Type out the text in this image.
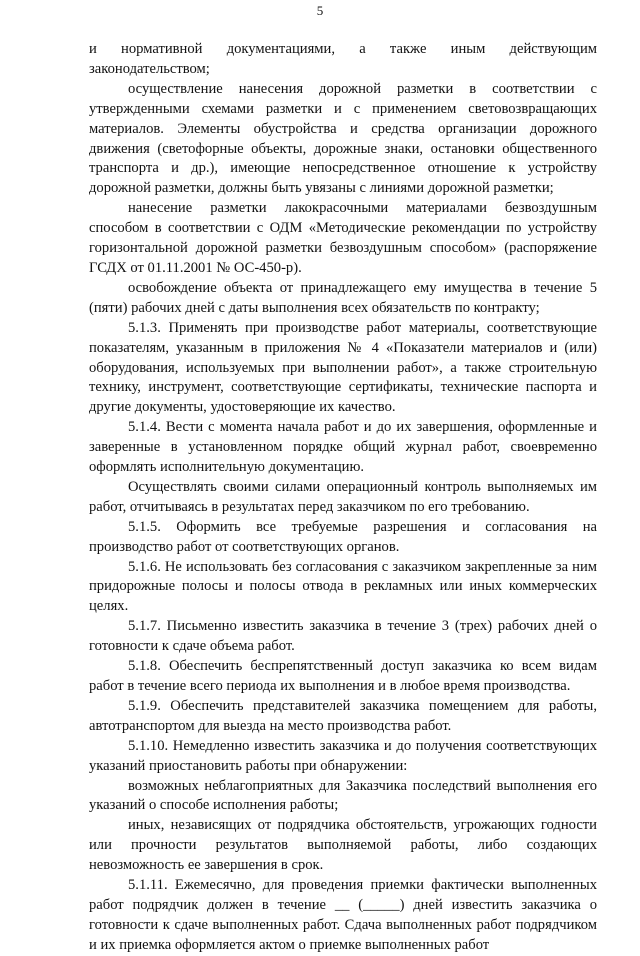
5

и нормативной документациями, а также иным действующим законодательством;

осуществление нанесения дорожной разметки в соответствии с утвержденными схемами разметки и с применением световозвращающих материалов. Элементы обустройства и средства организации дорожного движения (светофорные объекты, дорожные знаки, остановки общественного транспорта и др.), имеющие непосредственное отношение к устройству дорожной разметки, должны быть увязаны с линиями дорожной разметки;

нанесение разметки лакокрасочными материалами безвоздушным способом в соответствии с ОДМ «Методические рекомендации по устройству горизонтальной дорожной разметки безвоздушным способом» (распоряжение ГСДХ от 01.11.2001 № ОС-450-р).

освобождение объекта от принадлежащего ему имущества в течение 5 (пяти) рабочих дней с даты выполнения всех обязательств по контракту;

5.1.3. Применять при производстве работ материалы, соответствующие показателям, указанным в приложения № 4 «Показатели материалов и (или) оборудования, используемых при выполнении работ», а также строительную технику, инструмент, соответствующие сертификаты, технические паспорта и другие документы, удостоверяющие их качество.

5.1.4. Вести с момента начала работ и до их завершения, оформленные и заверенные в установленном порядке общий журнал работ, своевременно оформлять исполнительную документацию.

Осуществлять своими силами операционный контроль выполняемых им работ, отчитываясь в результатах перед заказчиком по его требованию.

5.1.5. Оформить все требуемые разрешения и согласования на производство работ от соответствующих органов.

5.1.6. Не использовать без согласования с заказчиком закрепленные за ним придорожные полосы и полосы отвода в рекламных или иных коммерческих целях.

5.1.7. Письменно известить заказчика в течение 3 (трех) рабочих дней о готовности к сдаче объема работ.

5.1.8. Обеспечить беспрепятственный доступ заказчика ко всем видам работ в течение всего периода их выполнения и в любое время производства.

5.1.9. Обеспечить представителей заказчика помещением для работы, автотранспортом для выезда на место производства работ.

5.1.10. Немедленно известить заказчика и до получения соответствующих указаний приостановить работы при обнаружении:

возможных неблагоприятных для Заказчика последствий выполнения его указаний о способе исполнения работы;

иных, независящих от подрядчика обстоятельств, угрожающих годности или прочности результатов выполняемой работы, либо создающих невозможность ее завершения в срок.

5.1.11. Ежемесячно, для проведения приемки фактически выполненных работ подрядчик должен в течение __ (_____) дней известить заказчика о готовности к сдаче выполненных работ. Сдача выполненных работ подрядчиком и их приемка оформляется актом о приемке выполненных работ
